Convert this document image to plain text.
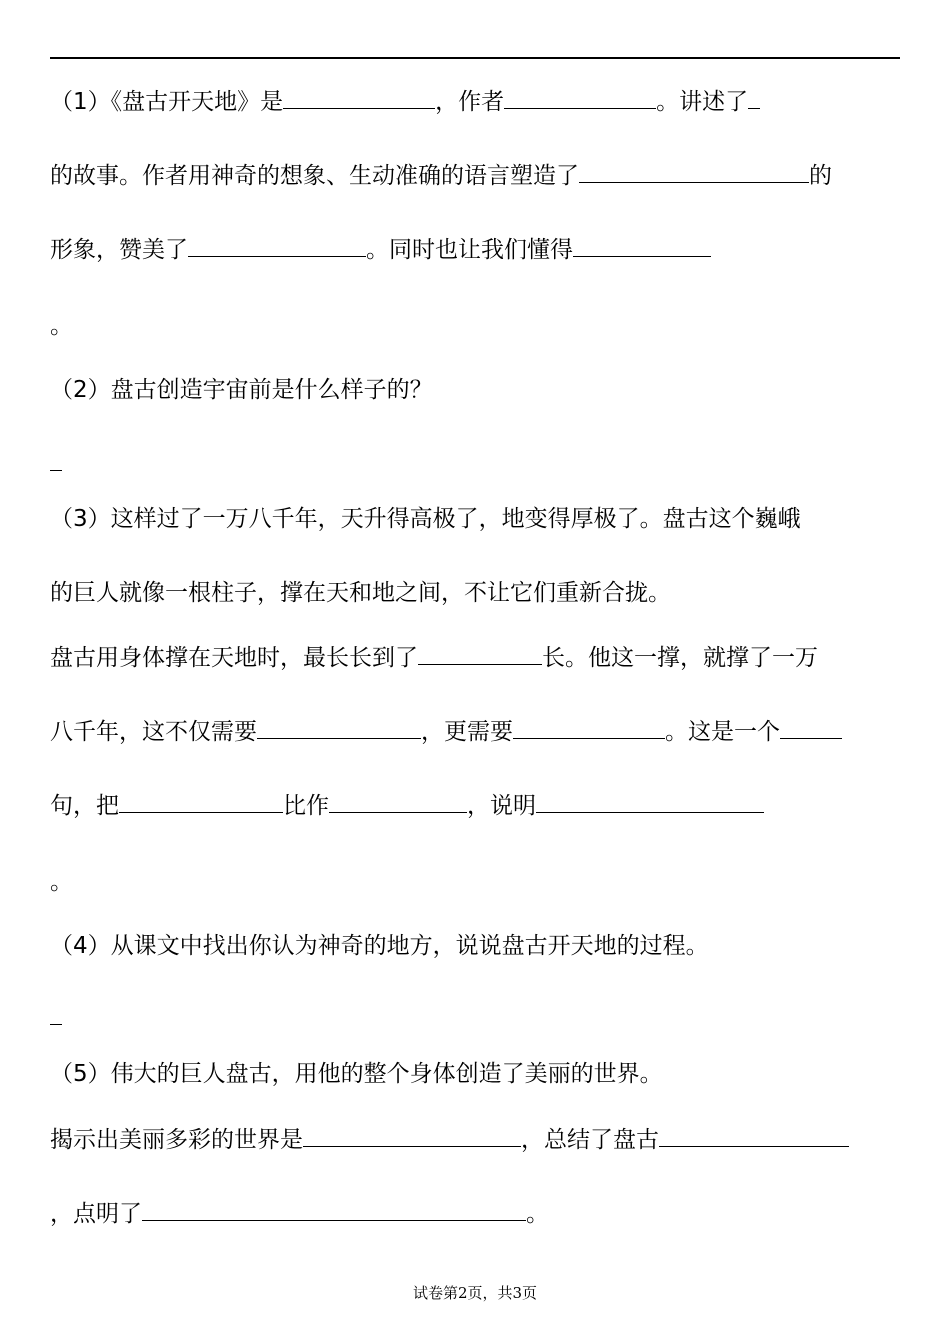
（1）《盘古开天地》是	，作者	。讲述了
的故事。作者用神奇的想象、生动准确的语言塑造了	的
形象，赞美了	。同时也让我们懂得
。
（2）盘古创造宇宙前是什么样子的？
（3）这样过了一万八千年，天升得高极了，地变得厚极了。盘古这个巍峨
的巨人就像一根柱子，撑在天和地之间，不让它们重新合拢。
盘古用身体撑在天地时，最长长到了	长。他这一撑，就撑了一万
八千年，这不仅需要	，更需要	。这是一个
句，把	比作	，说明
。
（4）从课文中找出你认为神奇的地方，说说盘古开天地的过程。
（5）伟大的巨人盘古，用他的整个身体创造了美丽的世界。
揭示出美丽多彩的世界是	，总结了盘古
，点明了	。
试卷第2页，共3页
